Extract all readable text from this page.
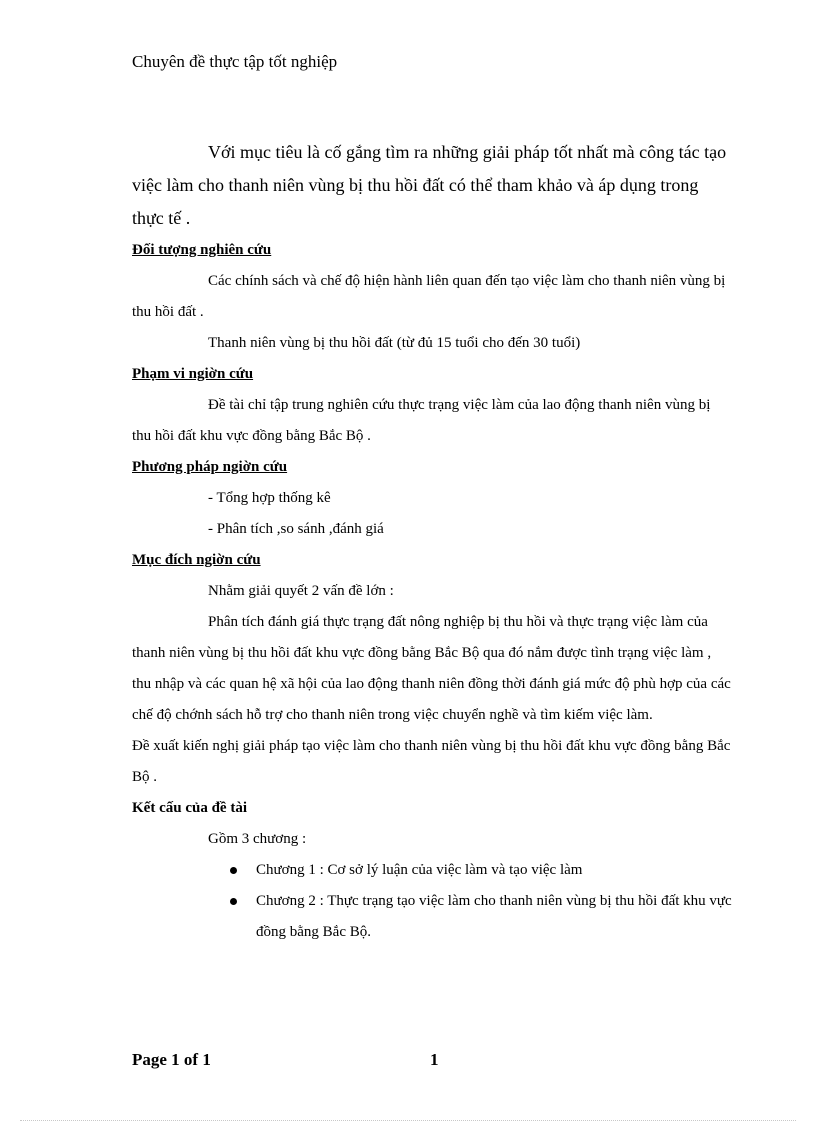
Chuyên đề thực tập tốt nghiệp

Với mục tiêu là cố gắng tìm ra những giải pháp tốt nhất mà công tác tạo việc làm cho thanh niên vùng bị thu hồi đất có thể tham khảo và áp dụng trong thực tế .

Đối tượng nghiên cứu

Các chính sách và chế độ hiện hành liên quan đến tạo việc làm cho thanh niên vùng bị thu hồi đất .

Thanh niên vùng bị thu hồi đất (từ đủ 15 tuổi cho đến 30 tuổi)

Phạm vi ngiờn cứu

Đề tài chỉ tập trung nghiên cứu thực trạng việc làm của lao động thanh niên vùng bị thu hồi đất khu vực đồng bằng Bắc Bộ .

Phương pháp ngiờn cứu

- Tổng hợp thống kê

- Phân tích ,so sánh ,đánh giá

Mục đích ngiờn cứu

Nhằm giải quyết 2 vấn đề lớn :

Phân tích đánh giá thực trạng đất nông nghiệp bị thu hồi và thực trạng việc làm của thanh niên vùng bị thu hồi đất khu vực đồng bằng Bắc Bộ qua đó nắm được tình trạng việc làm , thu nhập và các quan hệ xã hội của lao động thanh niên đồng thời đánh giá mức độ phù hợp của các chế độ chớnh sách hỗ trợ cho thanh niên trong việc chuyển nghề và tìm kiếm việc làm.

Đề xuất kiến nghị giải pháp tạo việc làm cho thanh niên vùng bị thu hồi đất khu vực đồng bằng Bắc Bộ .

Kết cấu của đề tài

Gồm 3 chương :

Chương 1 : Cơ sở lý luận của việc làm và tạo việc làm
Chương 2 : Thực trạng tạo việc làm cho thanh niên vùng bị thu hồi đất khu vực đồng bằng Bắc Bộ.
Page 1 of 1	1
